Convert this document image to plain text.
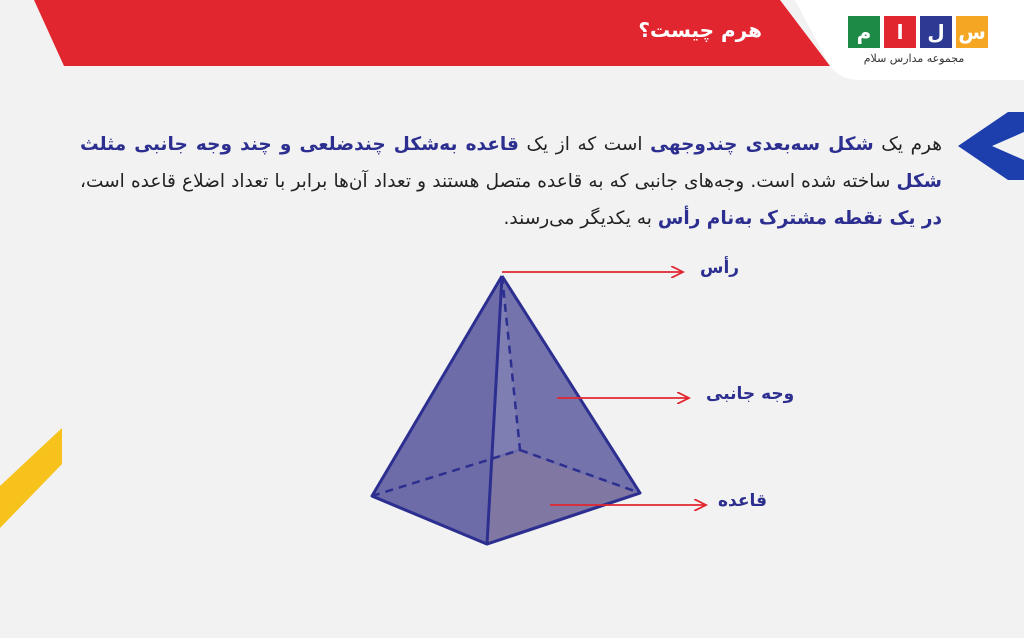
هرم چیست؟	م	ا	ل س
مجموعه مدارس سلام
هرم یک شکل سه‌بعدی چندوجهی است که از یک قاعده به‌شکل چندضلعی و چند وجه جانبی مثلث شکل ساخته شده است. وجه‌های جانبی که به قاعده متصل هستند و تعداد آن‌ها برابر با تعداد اضلاع قاعده است، در یک نقطه مشترک به‌نام رأس به یکدیگر می‌رسند.
رأس
وجه جانبی
قاعده
